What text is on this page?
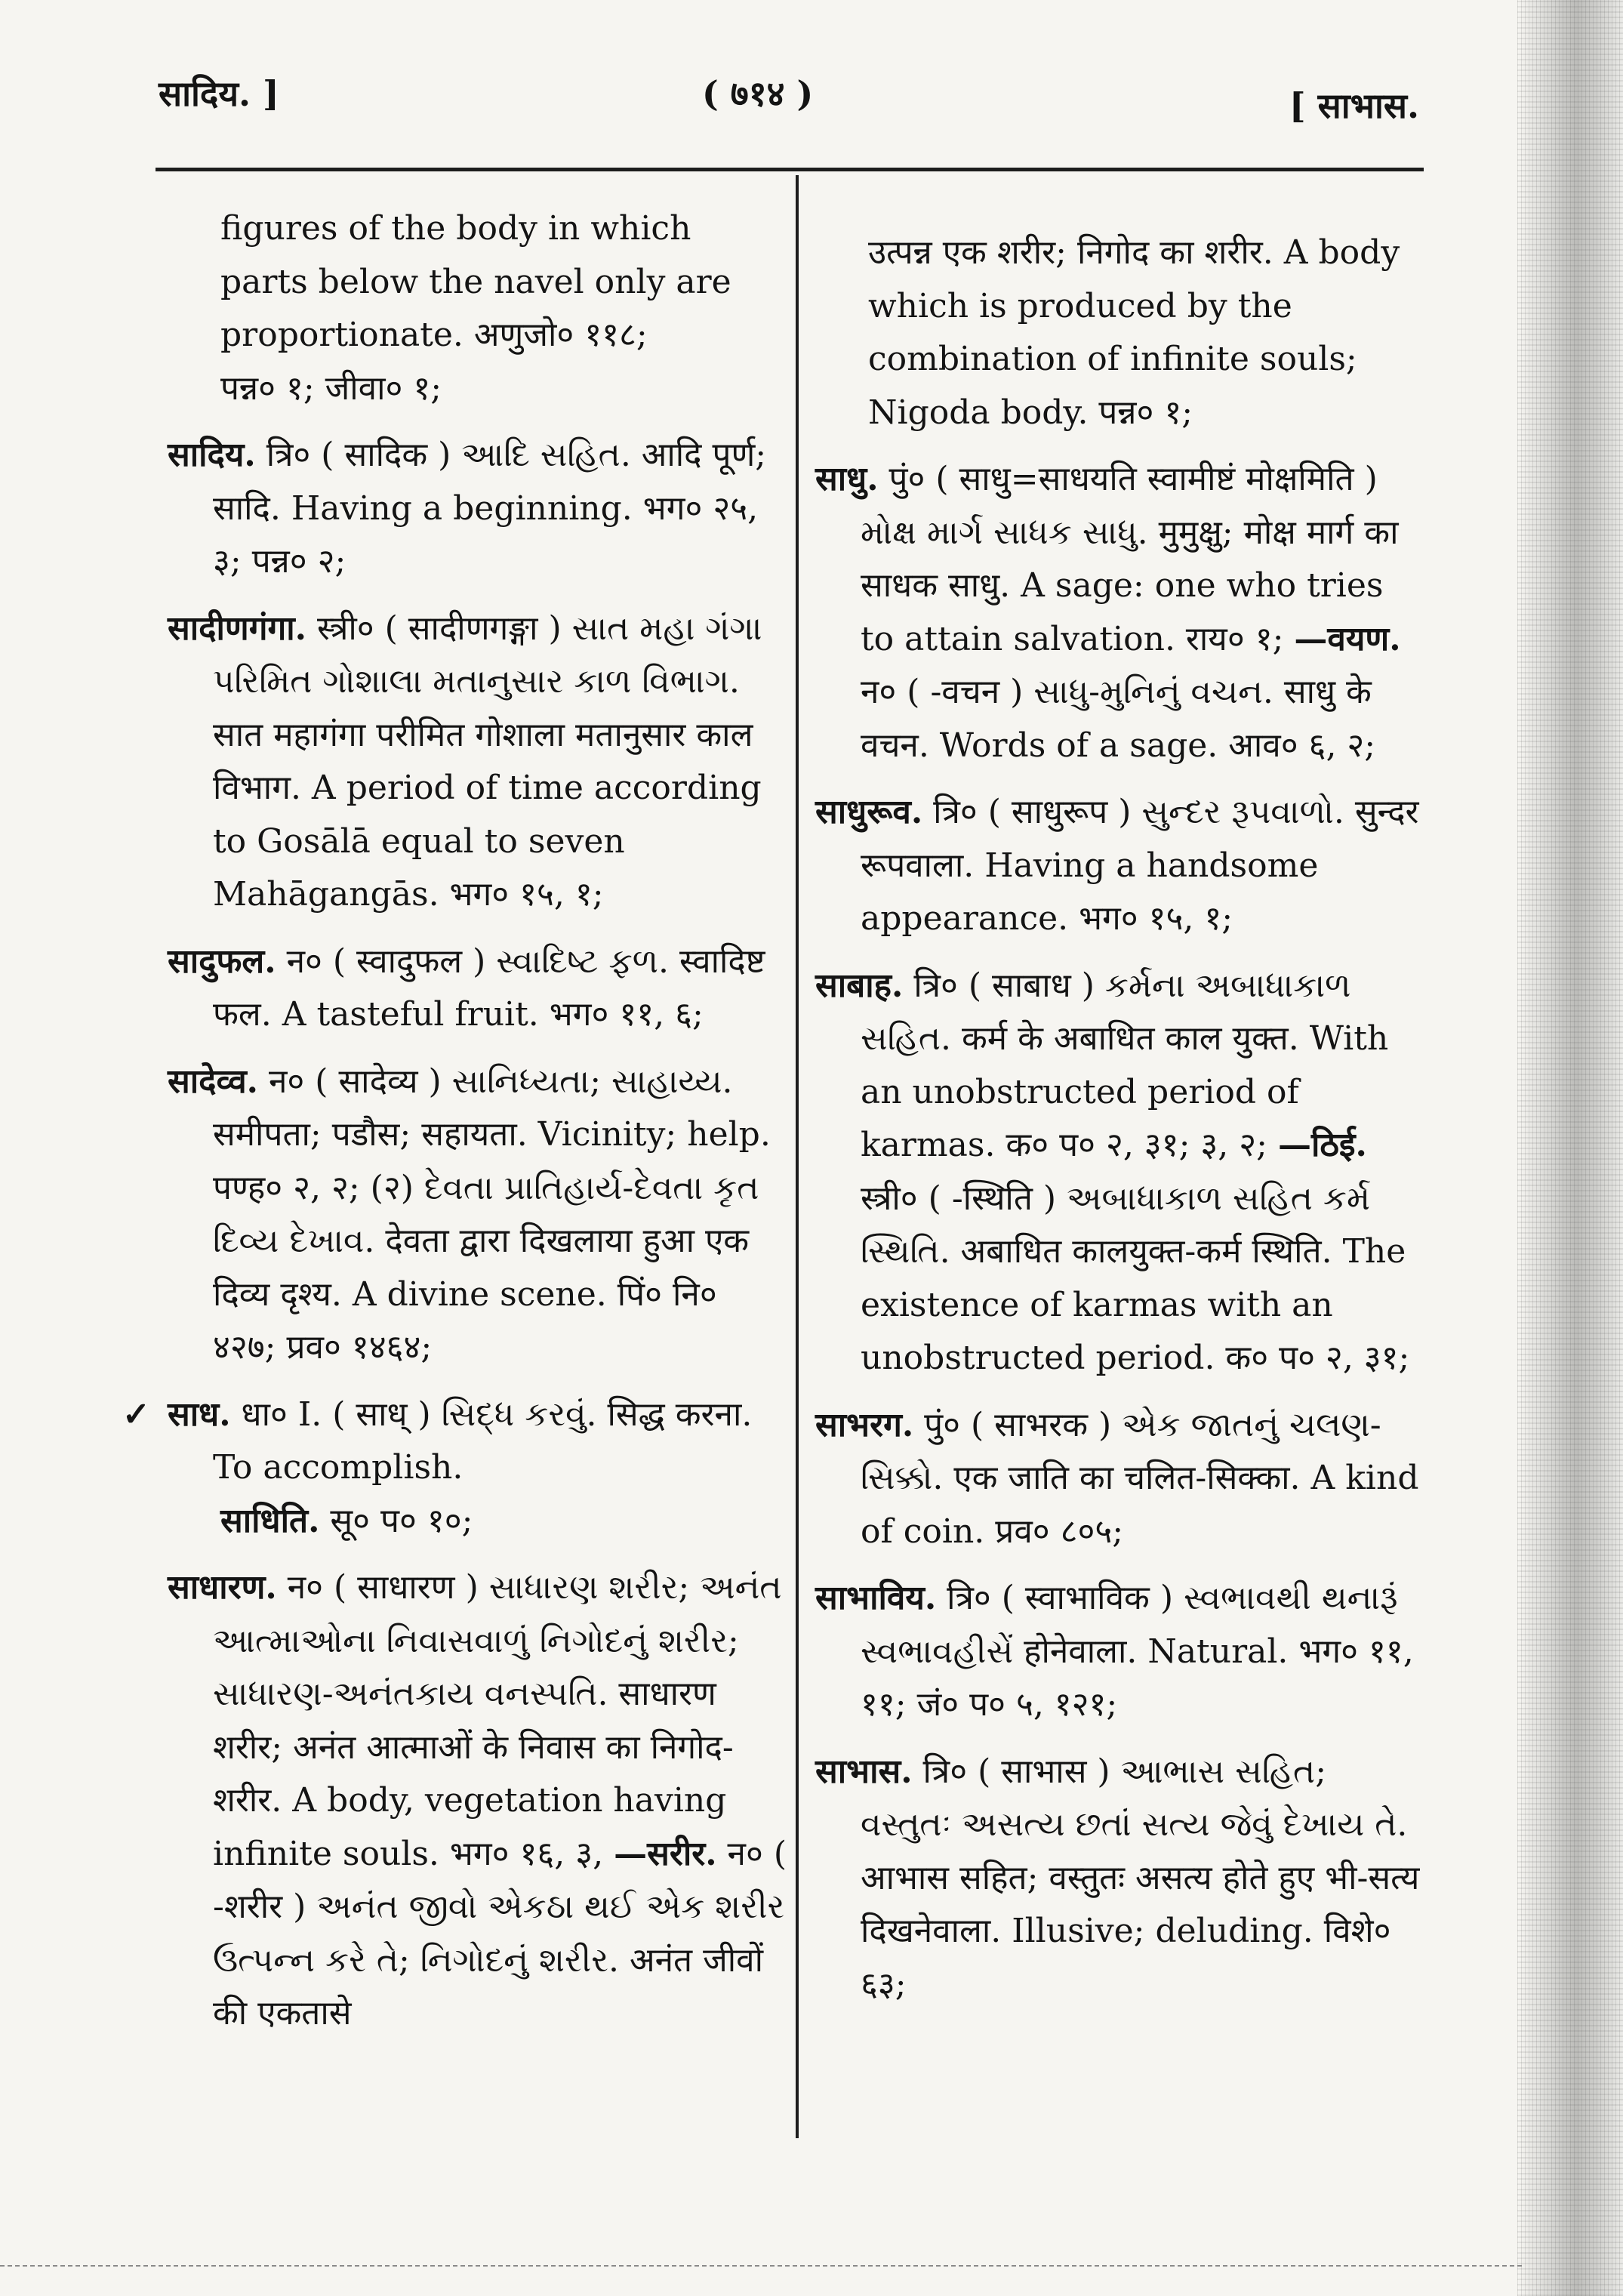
सादिय. ]	( ७१४ )	[ साभास.

figures of the body in which parts below the navel only are proportionate. अणुजो० ११८;

पन्न० १; जीवा० १;

सादिय. त्रि० ( सादिक ) આદિ સહિત. आदि पूर्ण; सादि. Having a beginning. भग० २५, ३; पन्न० २;

सादीणगंगा. स्त्री० ( सादीणगङ्गा ) સાત મહા ગંગા પરિમિત ગોશાલા મતાનુસાર કાળ વિભાગ. सात महागंगा परीमित गोशाला मतानुसार काल विभाग. A period of time according to Gosālā equal to seven Mahāgangās. भग० १५, १;

सादुफल. न० ( स्वादुफल ) સ્વાદિષ્ટ ફળ. स्वादिष्ट फल. A tasteful fruit. भग० ११, ६;

सादेव्व. न० ( सादेव्य ) સાનિધ્યતા; સાહાય્ય. समीपता; पडौस; सहायता. Vicinity; help. पण्ह० २, २; (२) દેવતા પ્રાતિહાર્ય-દેવતા કૃત દિવ્ય દેખાવ. देवता द्वारा दिखलाया हुआ एक दिव्य दृश्य. A divine scene. पिं० नि० ४२७; प्रव० १४६४;

✓ साध. धा० I. ( साध् ) સિદ્ધ કરવું. सिद्ध करना. To accomplish.

साधिति. सू० प० १०;

साधारण. न० ( साधारण ) સાધારણ શરીર; અનંત આત્માઓના નિવાસવાળું નિગોદનું શરીર; સાધારણ-અનંતકાય વનસ્પતિ. साधारण शरीर; अनंत आत्माओं के निवास का निगोद-शरीर. A body, vegetation having infinite souls. भग० १६, ३, —सरीर. न० ( -शरीर ) અનંત જીવો એકઠા થઈ એક શરીર ઉત્પન્ન કરે તે; નિગોદનું શરીર. अनंत जीवों की एकतासे

उत्पन्न एक शरीर; निगोद का शरीर. A body which is produced by the combination of infinite souls; Nigoda body. पन्न० १;

साधु. पुं० ( साधु=साधयति स्वामीष्टं मोक्षमिति ) મોક્ષ માર્ગ સાધક સાધુ. मुमुक्षु; मोक्ष मार्ग का साधक साधु. A sage: one who tries to attain salvation. राय० १; —वयण. न० ( -वचन ) સાધુ-મુનિનું વચન. साधु के वचन. Words of a sage. आव० ६, २;

साधुरूव. त्रि० ( साधुरूप ) સુન્દર રૂપવાળો. सुन्दर रूपवाला. Having a handsome appearance. भग० १५, १;

साबाह. त्रि० ( साबाध ) કર્મના અબાધાકાળ સહિત. कर्म के अबाधित काल युक्त. With an unobstructed period of karmas. क० प० २, ३१; ३, २; —ठिई. स्त्री० ( -स्थिति ) અબાધાકાળ સહિત કર્મ સ્થિતિ. अबाधित कालयुक्त-कर्म स्थिति. The existence of karmas with an unobstructed period. क० प० २, ३१;

साभरग. पुं० ( साभरक ) એક જાતનું ચલણ-સિક્કો. एक जाति का चलित-सिक्का. A kind of coin. प्रव० ८०५;

साभाविय. त्रि० ( स्वाभाविक ) સ્વભાવથી થનારૂં સ્વભાવહીસેં होनेवाला. Natural. भग० ११, ११; जं० प० ५, १२१;

साभास. त्रि० ( साभास ) આભાસ સહિત; વસ્તુતઃ અસત્ય છતાં સત્ય જેવું દેખાય તે. आभास सहित; वस्तुतः असत्य होते हुए भी-सत्य दिखनेवाला. Illusive; deluding. विशे० ६३;
